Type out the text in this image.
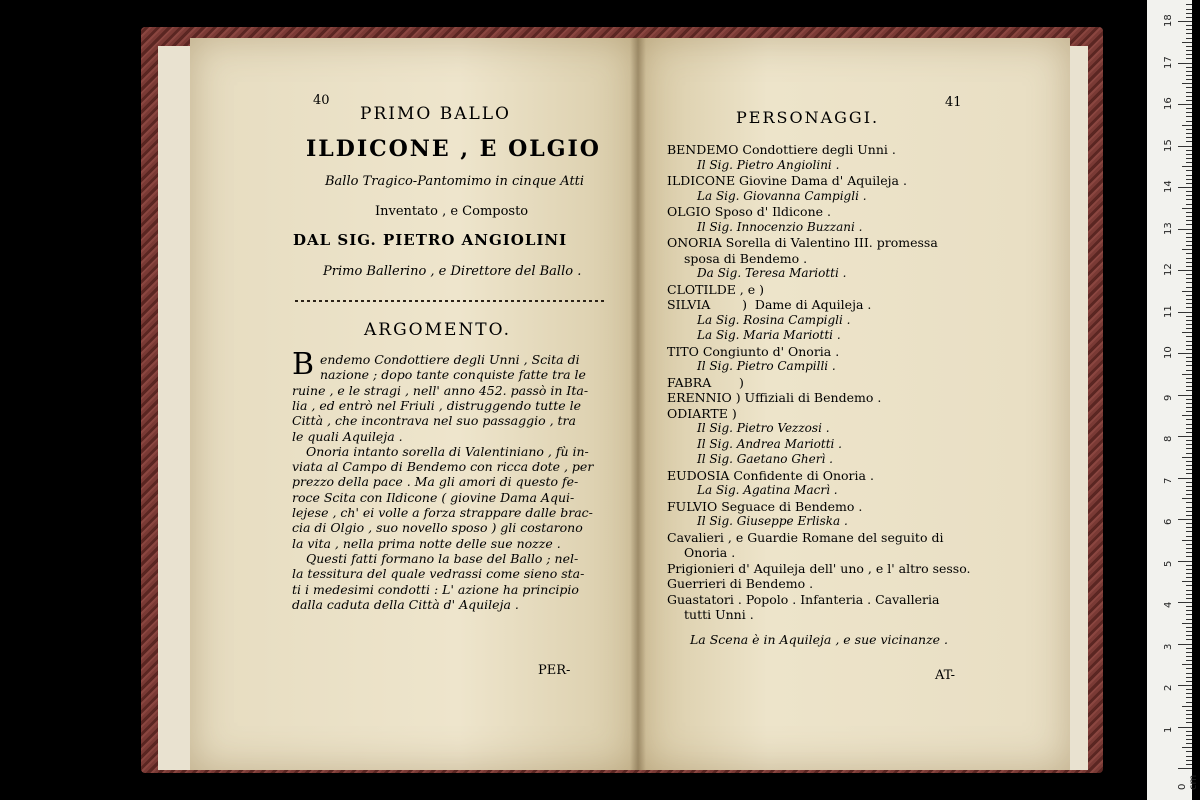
40
PRIMO BALLO
ILDICONE , E OLGIO
Ballo Tragico-Pantomimo in cinque Atti
Inventato , e Composto
DAL SIG. PIETRO ANGIOLINI
Primo Ballerino , e Direttore del Ballo .
ARGOMENTO.
B endemo Condottiere degli Unni , Scita di
nazione ; dopo tante conquiste fatte tra le
ruine , e le stragi , nell' anno 452. passò in Ita-
lia , ed entrò nel Friuli , distruggendo tutte le
Città , che incontrava nel suo passaggio , tra
le quali Aquileja .
Onoria intanto sorella di Valentiniano , fù in-
viata al Campo di Bendemo con ricca dote , per
prezzo della pace . Ma gli amori di questo fe-
roce Scita con Ildicone ( giovine Dama Aqui-
lejese , ch' ei volle a forza strappare dalle brac-
cia di Olgio , suo novello sposo ) gli costarono
la vita , nella prima notte delle sue nozze .
Questi fatti formano la base del Ballo ; nel-
la tessitura del quale vedrassi come sieno sta-
ti i medesimi condotti : L' azione ha principio
dalla caduta della Città d' Aquileja .
PER-
41
PERSONAGGI.
BENDEMO Condottiere degli Unni .
Il Sig. Pietro Angiolini .
ILDICONE Giovine Dama d' Aquileja .
La Sig. Giovanna Campigli .
OLGIO Sposo d' Ildicone .
Il Sig. Innocenzio Buzzani .
ONORIA Sorella di Valentino III. promessa
sposa di Bendemo .
Da Sig. Teresa Mariotti .
CLOTILDE , e )
SILVIA        )  Dame di Aquileja .
La Sig. Rosina Campigli .
La Sig. Maria Mariotti .
TITO Congiunto d' Onoria .
Il Sig. Pietro Campilli .
FABRA       )
ERENNIO ) Uffiziali di Bendemo .
ODIARTE )
Il Sig. Pietro Vezzosi .
Il Sig. Andrea Mariotti .
Il Sig. Gaetano Gherì .
EUDOSIA Confidente di Onoria .
La Sig. Agatina Macrì .
FULVIO Seguace di Bendemo .
Il Sig. Giuseppe Erliska .
Cavalieri , e Guardie Romane del seguito di
Onoria .
Prigionieri d' Aquileja dell' uno , e l' altro sesso.
Guerrieri di Bendemo .
Guastatori . Popolo . Infanteria . Cavalleria
tutti Unni .
La Scena è in Aquileja , e sue vicinanze .
AT-
1
2
3
4
5
6
7
8
9
10
11
12
13
14
15
16
17
18
0 cm
